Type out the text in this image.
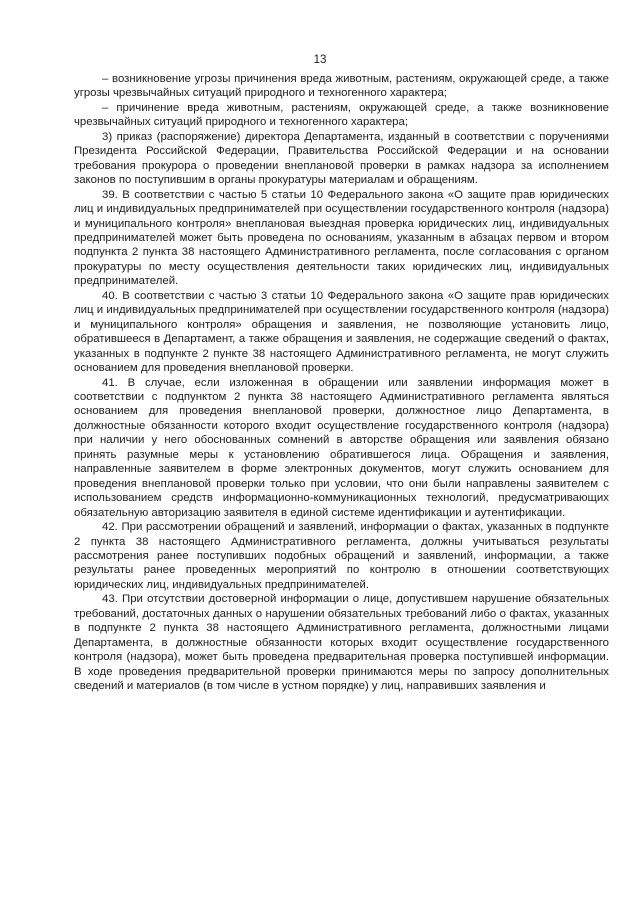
13

– возникновение угрозы причинения вреда животным, растениям, окружающей среде, а также угрозы чрезвычайных ситуаций природного и техногенного характера;

– причинение вреда животным, растениям, окружающей среде, а также возникновение чрезвычайных ситуаций природного и техногенного характера;

3) приказ (распоряжение) директора Департамента, изданный в соответствии с поручениями Президента Российской Федерации, Правительства Российской Федерации и на основании требования прокурора о проведении внеплановой проверки в рамках надзора за исполнением законов по поступившим в органы прокуратуры материалам и обращениям.

39. В соответствии с частью 5 статьи 10 Федерального закона «О защите прав юридических лиц и индивидуальных предпринимателей при осуществлении государственного контроля (надзора) и муниципального контроля» внеплановая выездная проверка юридических лиц, индивидуальных предпринимателей может быть проведена по основаниям, указанным в абзацах первом и втором подпункта 2 пункта 38 настоящего Административного регламента, после согласования с органом прокуратуры по месту осуществления деятельности таких юридических лиц, индивидуальных предпринимателей.

40. В соответствии с частью 3 статьи 10 Федерального закона «О защите прав юридических лиц и индивидуальных предпринимателей при осуществлении государственного контроля (надзора) и муниципального контроля» обращения и заявления, не позволяющие установить лицо, обратившееся в Департамент, а также обращения и заявления, не содержащие сведений о фактах, указанных в подпункте 2 пункте 38 настоящего Административного регламента, не могут служить основанием для проведения внеплановой проверки.

41. В случае, если изложенная в обращении или заявлении информация может в соответствии с подпунктом 2 пункта 38 настоящего Административного регламента являться основанием для проведения внеплановой проверки, должностное лицо Департамента, в должностные обязанности которого входит осуществление государственного контроля (надзора) при наличии у него обоснованных сомнений в авторстве обращения или заявления обязано принять разумные меры к установлению обратившегося лица. Обращения и заявления, направленные заявителем в форме электронных документов, могут служить основанием для проведения внеплановой проверки только при условии, что они были направлены заявителем с использованием средств информационно-коммуникационных технологий, предусматривающих обязательную авторизацию заявителя в единой системе идентификации и аутентификации.

42. При рассмотрении обращений и заявлений, информации о фактах, указанных в подпункте 2 пункта 38 настоящего Административного регламента, должны учитываться результаты рассмотрения ранее поступивших подобных обращений и заявлений, информации, а также результаты ранее проведенных мероприятий по контролю в отношении соответствующих юридических лиц, индивидуальных предпринимателей.

43. При отсутствии достоверной информации о лице, допустившем нарушение обязательных требований, достаточных данных о нарушении обязательных требований либо о фактах, указанных в подпункте 2 пункта 38 настоящего Административного регламента, должностными лицами Департамента, в должностные обязанности которых входит осуществление государственного контроля (надзора), может быть проведена предварительная проверка поступившей информации. В ходе проведения предварительной проверки принимаются меры по запросу дополнительных сведений и материалов (в том числе в устном порядке) у лиц, направивших заявления и
